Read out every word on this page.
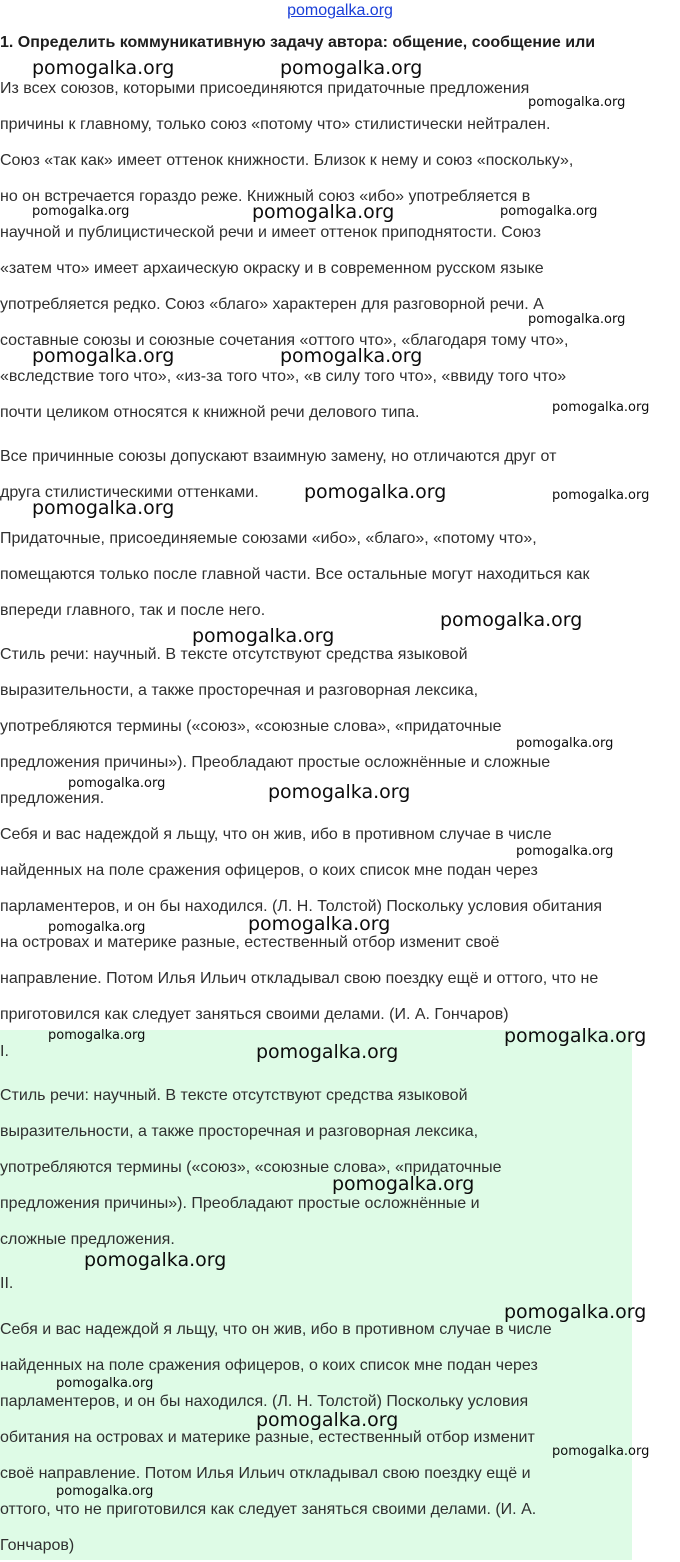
pomogalka.org
1. Определить коммуникативную задачу автора: общение, сообщение или
Из всех союзов, которыми присоединяются придаточные предложения
причины к главному, только союз «потому что» стилистически нейтрален.
Союз «так как» имеет оттенок книжности. Близок к нему и союз «поскольку»,
но он встречается гораздо реже. Книжный союз «ибо» употребляется в
научной и публицистической речи и имеет оттенок приподнятости. Союз
«затем что» имеет архаическую окраску и в современном русском языке
употребляется редко. Союз «благо» характерен для разговорной речи. А
составные союзы и союзные сочетания «оттого что», «благодаря тому что»,
«вследствие того что», «из-за того что», «в силу того что», «ввиду того что»
почти целиком относятся к книжной речи делового типа.
Все причинные союзы допускают взаимную замену, но отличаются друг от
друга стилистическими оттенками.
Придаточные, присоединяемые союзами «ибо», «благо», «потому что»,
помещаются только после главной части. Все остальные могут находиться как
впереди главного, так и после него.
Стиль речи: научный. В тексте отсутствуют средства языковой
выразительности, а также просторечная и разговорная лексика,
употребляются термины («союз», «союзные слова», «придаточные
предложения причины»). Преобладают простые осложнённые и сложные
предложения.
Себя и вас надеждой я льщу, что он жив, ибо в противном случае в числе
найденных на поле сражения офицеров, о коих список мне подан через
парламентеров, и он бы находился. (Л. Н. Толстой) Поскольку условия обитания
на островах и материке разные, естественный отбор изменит своё
направление. Потом Илья Ильич откладывал свою поездку ещё и оттого, что не
приготовился как следует заняться своими делами. (И. А. Гончаров)
I.
Стиль речи: научный. В тексте отсутствуют средства языковой
выразительности, а также просторечная и разговорная лексика,
употребляются термины («союз», «союзные слова», «придаточные
предложения причины»). Преобладают простые осложнённые и
сложные предложения.
II.
Себя и вас надеждой я льщу, что он жив, ибо в противном случае в числе
найденных на поле сражения офицеров, о коих список мне подан через
парламентеров, и он бы находился. (Л. Н. Толстой) Поскольку условия
обитания на островах и материке разные, естественный отбор изменит
своё направление. Потом Илья Ильич откладывал свою поездку ещё и
оттого, что не приготовился как следует заняться своими делами. (И. А.
Гончаров)
pomogalka.org	pomogalka.org
pomogalka.org
pomogalka.org	pomogalka.org	pomogalka.org
pomogalka.org
pomogalka.org	pomogalka.org
pomogalka.org
pomogalka.org	pomogalka.org
pomogalka.org
pomogalka.org
pomogalka.org
pomogalka.org
pomogalka.org	pomogalka.org
pomogalka.org
pomogalka.org
pomogalka.org
pomogalka.org
pomogalka.org
pomogalka.org
pomogalka.org
pomogalka.org
pomogalka.org
pomogalka.org
pomogalka.org
pomogalka.org
pomogalka.org
